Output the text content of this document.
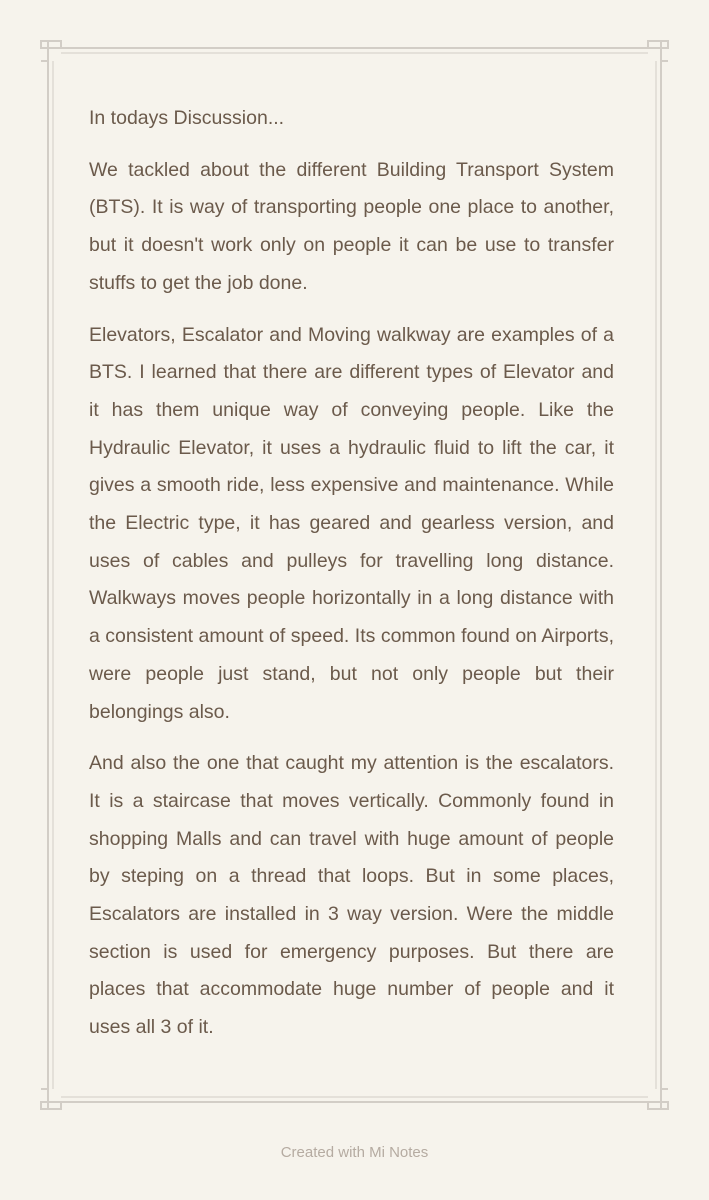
In todays Discussion...

We tackled about the different Building Transport System (BTS). It is way of transporting people one place to another, but it doesn't work only on people it can be use to transfer stuffs to get the job done.

Elevators, Escalator and Moving walkway are examples of a BTS. I learned that there are different types of Elevator and it has them unique way of conveying people. Like the Hydraulic Elevator, it uses a hydraulic fluid to lift the car, it gives a smooth ride, less expensive and maintenance. While the Electric type, it has geared and gearless version, and uses of cables and pulleys for travelling long distance. Walkways moves people horizontally in a long distance with a consistent amount of speed. Its common found on Airports, were people just stand, but not only people but their belongings also.

And also the one that caught my attention is the escalators. It is a staircase that moves vertically. Commonly found in shopping Malls and can travel with huge amount of people by steping on a thread that loops. But in some places, Escalators are installed in 3 way version. Were the middle section is used for emergency purposes. But there are places that accommodate huge number of people and it uses all 3 of it.

Created with Mi Notes
